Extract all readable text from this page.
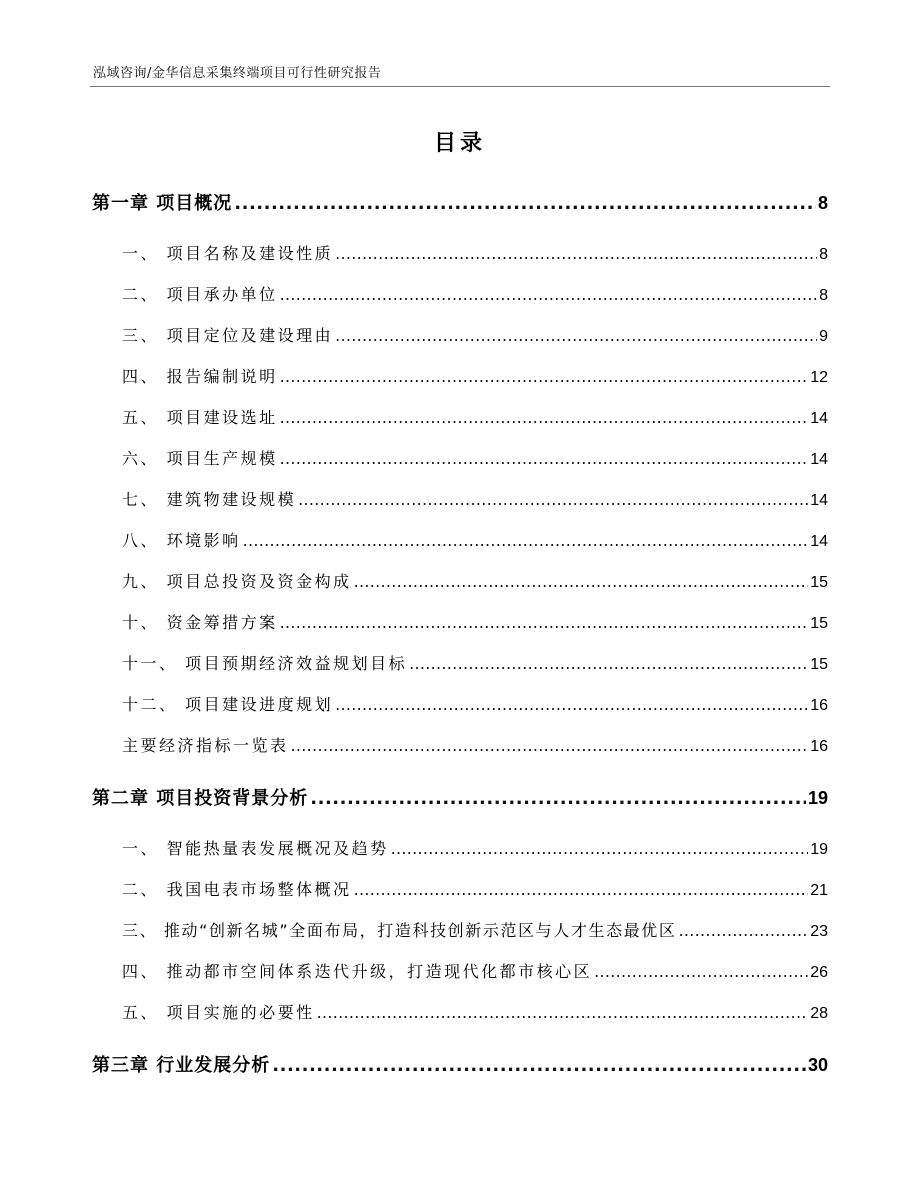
泓域咨询/金华信息采集终端项目可行性研究报告
目录
第一章 项目概况 .....	8
一、 项目名称及建设性质 .....	8
二、 项目承办单位 .....	8
三、 项目定位及建设理由 .....	9
四、 报告编制说明 .....	12
五、 项目建设选址 .....	14
六、 项目生产规模 .....	14
七、 建筑物建设规模 .....	14
八、 环境影响 .....	14
九、 项目总投资及资金构成 .....	15
十、 资金筹措方案 .....	15
十一、 项目预期经济效益规划目标 .....	15
十二、 项目建设进度规划 .....	16
主要经济指标一览表 .....	16
第二章 项目投资背景分析 .....	19
一、 智能热量表发展概况及趋势 .....	19
二、 我国电表市场整体概况 .....	21
三、 推动“创新名城”全面布局，打造科技创新示范区与人才生态最优区 .....	23
四、 推动都市空间体系迭代升级，打造现代化都市核心区 .....	26
五、 项目实施的必要性 .....	28
第三章 行业发展分析 .....	30
